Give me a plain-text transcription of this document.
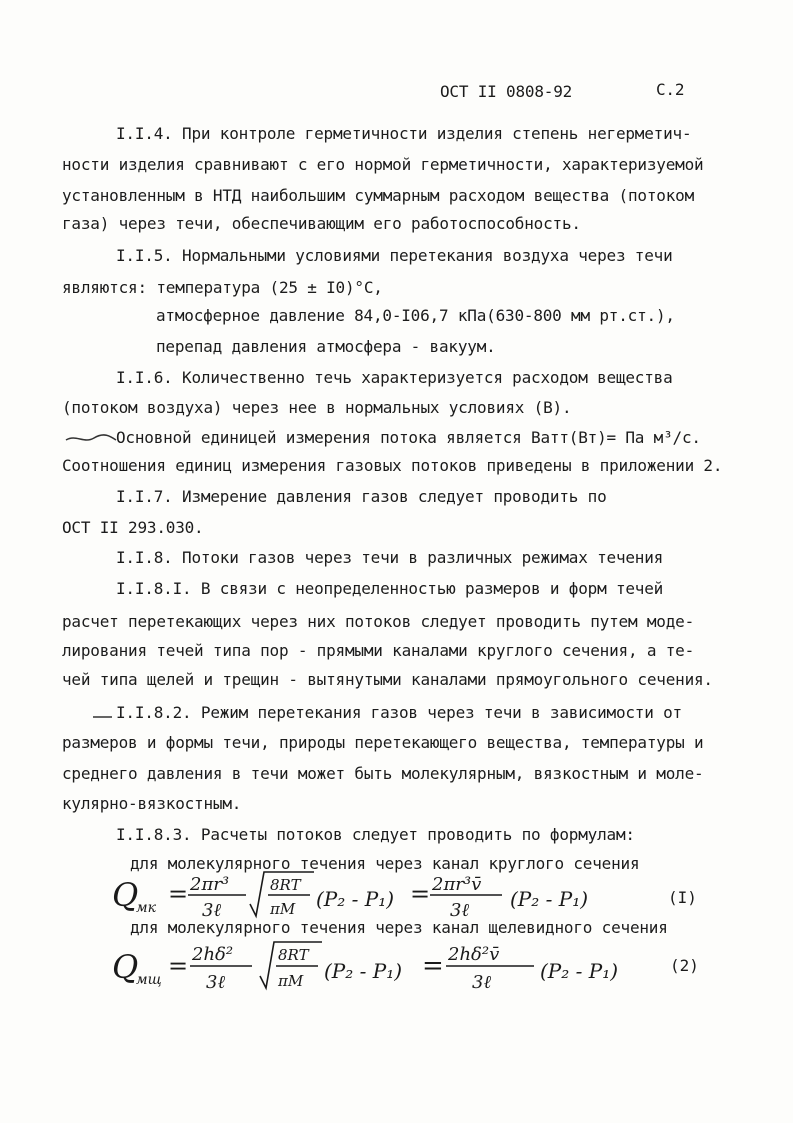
ОСТ II 0808-92	С.2
I.I.4. При контроле герметичности изделия степень негерметич-
ности изделия сравнивают с его нормой герметичности, характеризуемой
установленным в НТД наибольшим суммарным расходом вещества (потоком
газа) через течи, обеспечивающим его работоспособность.
I.I.5. Нормальными условиями перетекания воздуха через течи
являются: температура (25 ± I0)°С,
атмосферное давление 84,0-I06,7 кПа(630-800 мм рт.ст.),
перепад давления атмосфера - вакуум.
I.I.6. Количественно течь характеризуется расходом вещества
(потоком воздуха) через нее в нормальных условиях (В).
Основной единицей измерения потока является Ватт(Вт)= Па м³/с.
Соотношения единиц измерения газовых потоков приведены в приложении 2.
I.I.7. Измерение давления газов следует проводить по
ОСТ II 293.030.
I.I.8. Потоки газов через течи в различных режимах течения
I.I.8.I. В связи с неопределенностью размеров и форм течей
расчет перетекающих через них потоков следует проводить путем моде-
лирования течей типа пор - прямыми каналами круглого сечения, а те-
чей типа щелей и трещин - вытянутыми каналами прямоугольного сечения.
I.I.8.2. Режим перетекания газов через течи в зависимости от
размеров и формы течи, природы перетекающего вещества, температуры и
среднего давления в течи может быть молекулярным, вязкостным и моле-
кулярно-вязкостным.
I.I.8.3. Расчеты потоков следует проводить по формулам:
для молекулярного течения через канал круглого сечения
для молекулярного течения через канал щелевидного сечения
Q
мк = 2πr³
3ℓ
8RT
πM (P₂ - P₁) = 2πr³v̄
3ℓ (P₂ - P₁)	(I)
Q
мщ = 2hδ²
3ℓ
8RT
πM (P₂ - P₁) = 2hδ²v̄
3ℓ (P₂ - P₁)	(2)
